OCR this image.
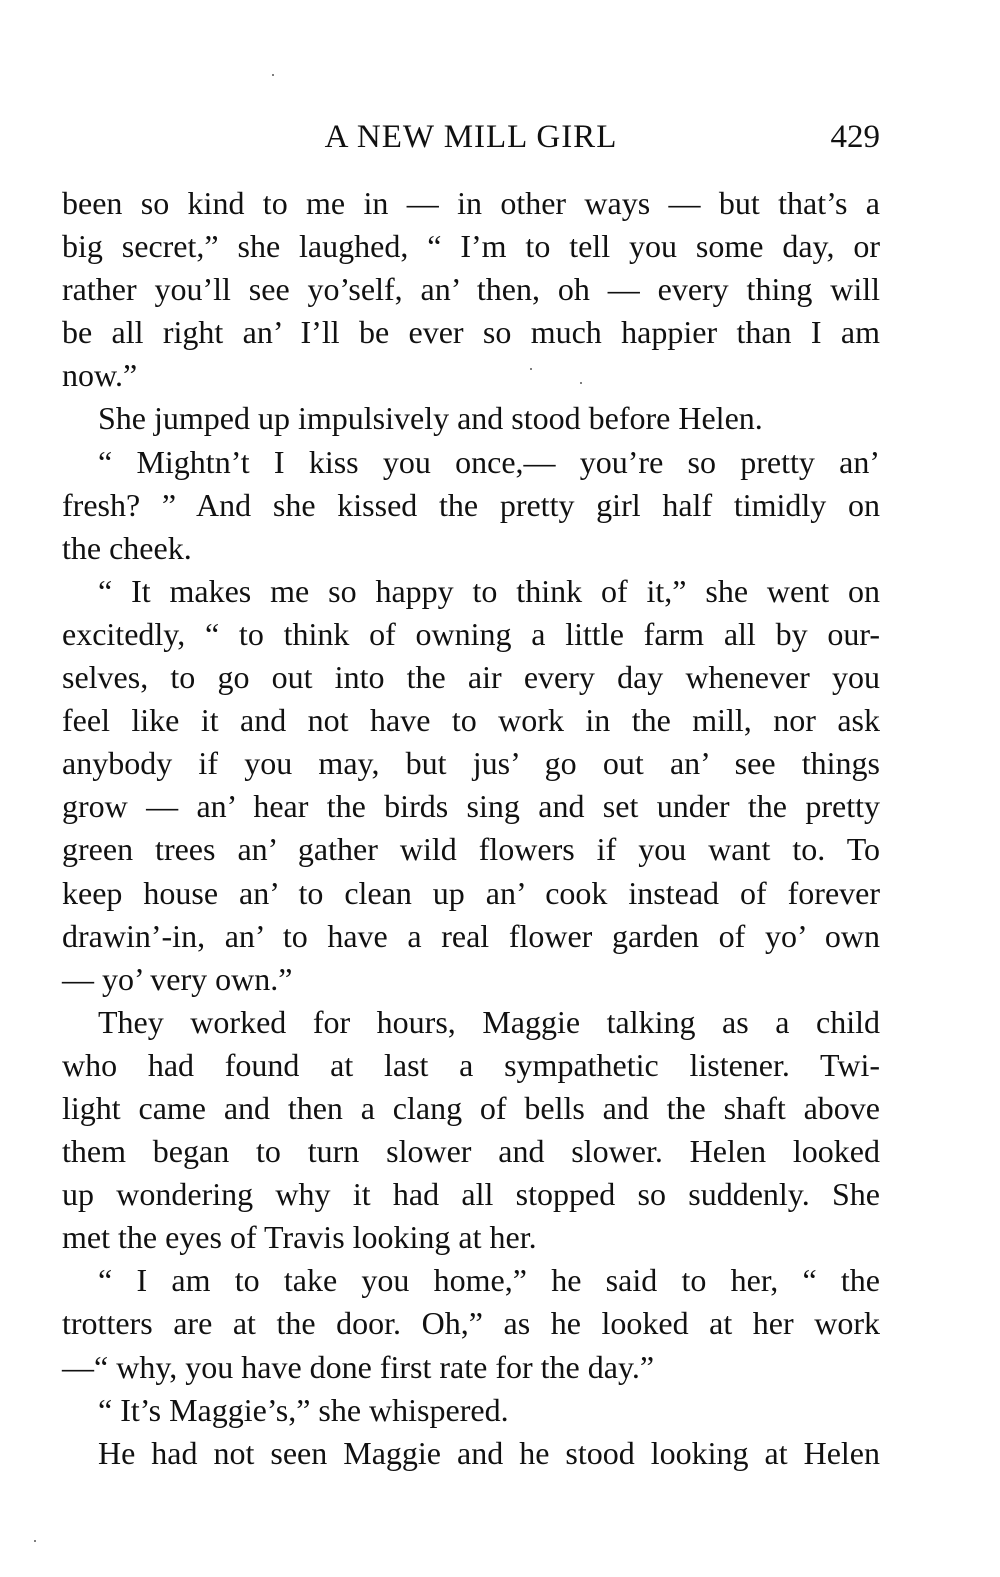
A NEW MILL GIRL	429
been so kind to me in — in other ways — but that’s a
big secret,” she laughed, “ I’m to tell you some day, or
rather you’ll see yo’self, an’ then, oh — every thing will
be all right an’ I’ll be ever so much happier than I am
now.”
She jumped up impulsively and stood before Helen.
“ Mightn’t I kiss you once,— you’re so pretty an’
fresh? ” And she kissed the pretty girl half timidly on
the cheek.
“ It makes me so happy to think of it,” she went on
excitedly, “ to think of owning a little farm all by our-
selves, to go out into the air every day whenever you
feel like it and not have to work in the mill, nor ask
anybody if you may, but jus’ go out an’ see things
grow — an’ hear the birds sing and set under the pretty
green trees an’ gather wild flowers if you want to. To
keep house an’ to clean up an’ cook instead of forever
drawin’-in, an’ to have a real flower garden of yo’ own
— yo’ very own.”
They worked for hours, Maggie talking as a child
who had found at last a sympathetic listener. Twi-
light came and then a clang of bells and the shaft above
them began to turn slower and slower. Helen looked
up wondering why it had all stopped so suddenly. She
met the eyes of Travis looking at her.
“ I am to take you home,” he said to her, “ the
trotters are at the door. Oh,” as he looked at her work
—“ why, you have done first rate for the day.”
“ It’s Maggie’s,” she whispered.
He had not seen Maggie and he stood looking at Helen
